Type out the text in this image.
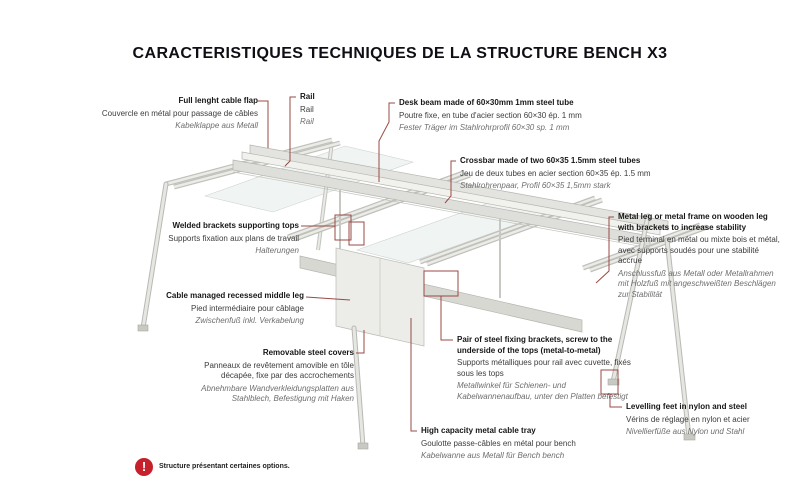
CARACTERISTIQUES TECHNIQUES DE LA STRUCTURE BENCH X3
Full lenght cable flap
Couvercle en métal pour passage de câbles
Kabelklappe aus Metall
Rail
Rail
Rail
Desk beam made of 60×30mm 1mm steel tube
Poutre fixe, en tube d'acier section 60×30 ép. 1 mm
Fester Träger im Stahlrohrprofil 60×30 sp. 1 mm
Crossbar made of two 60×35 1.5mm steel tubes
Jeu de deux tubes en acier section 60×35 ép. 1.5 mm
Stahlrohrenpaar, Profil 60×35 1,5mm stark
Metal leg or metal frame on wooden leg with brackets to increase stability
Pied terminal en métal ou mixte bois et métal, avec supports soudés pour une stabilité accrue
Anschlussfuß aus Metall oder Metallrahmen mit Holzfuß mit angeschweißten Beschlägen zur Stabilität
Welded brackets supporting tops
Supports fixation aux plans de travail
Halterungen
Cable managed recessed middle leg
Pied intermédiaire pour câblage
Zwischenfuß inkl. Verkabelung
Removable steel covers
Panneaux de revêtement amovible en tôle décapée, fixe par des accrochements
Abnehmbare Wandverkleidungsplatten aus Stahlblech, Befestigung mit Haken
Pair of steel fixing brackets, screw to the underside of the tops (metal-to-metal)
Supports métalliques pour rail avec cuvette, fixés sous les tops
Metallwinkel für Schienen- und Kabelwannenaufbau, unter den Platten befestigt
High capacity metal cable tray
Goulotte passe-câbles en métal pour bench
Kabelwanne aus Metall für Bench bench
Levelling feet in nylon and steel
Vérins de réglage en nylon et acier
Nivellierfüße aus Nylon und Stahl
!	Structure présentant certaines options.
